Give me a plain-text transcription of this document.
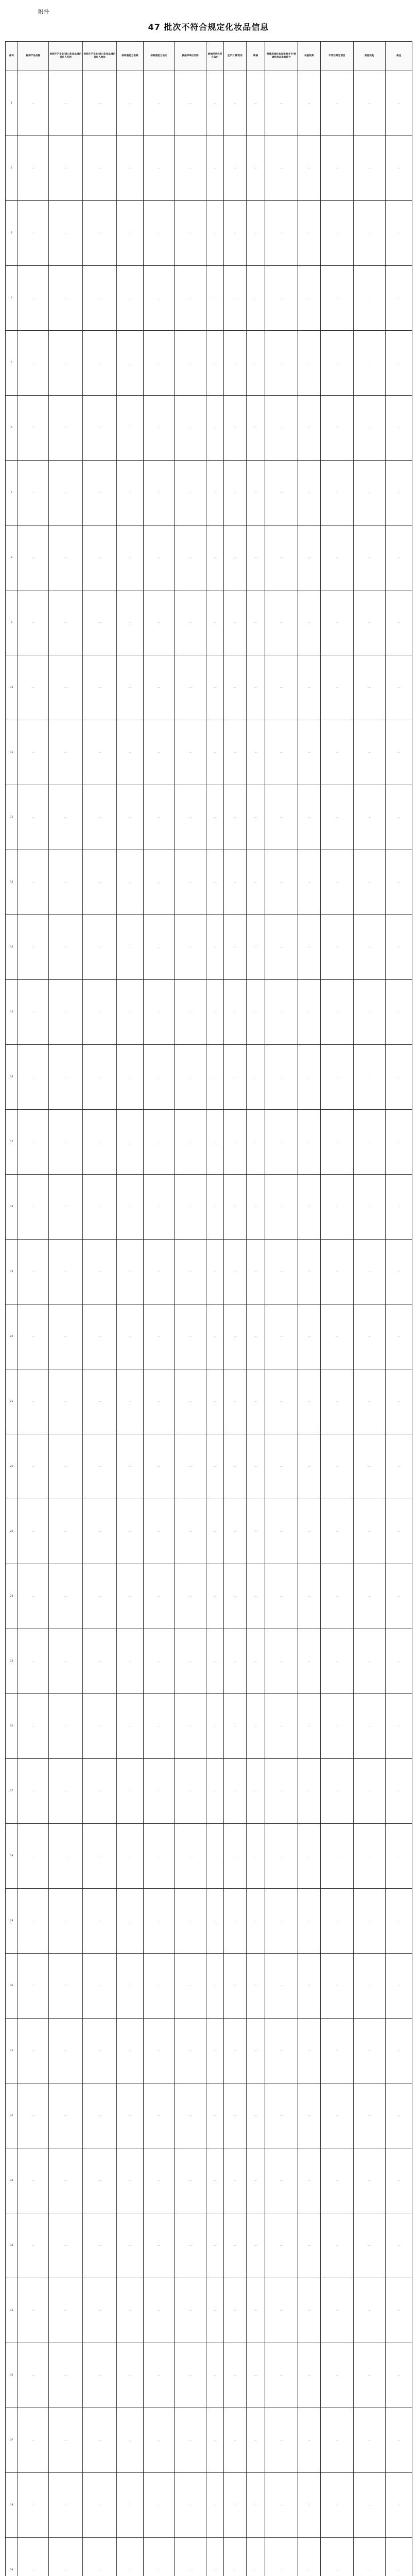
附件
47 批次不符合规定化妆品信息
序号	标称产品名称	标称生产企业/进口化妆品境内责任人名称	标称生产企业/进口化妆品境内责任人地址	标称委托方名称	标称委托方地址	被抽样单位名称	被抽样单位所在省份	生产日期/批号	规格	特殊用途化妆品批准文号/普通化妆品备案编号	检验结果	不符合规定项目	检验机构	备注
1	…	…	…	…	…	…	…	…	…	…	…	…	…	…
2	…	…	…	…	…	…	…	…	…	…	…	…	…	…
3	…	…	…	…	…	…	…	…	…	…	…	…	…	…
4	…	…	…	…	…	…	…	…	…	…	…	…	…	…
5	…	…	…	…	…	…	…	…	…	…	…	…	…	…
6	…	…	…	…	…	…	…	…	…	…	…	…	…	…
7	…	…	…	…	…	…	…	…	…	…	…	…	…	…
8	…	…	…	…	…	…	…	…	…	…	…	…	…	…
9	…	…	…	…	…	…	…	…	…	…	…	…	…	…
10	…	…	…	…	…	…	…	…	…	…	…	…	…	…
11	…	…	…	…	…	…	…	…	…	…	…	…	…	…
12	…	…	…	…	…	…	…	…	…	…	…	…	…	…
13	…	…	…	…	…	…	…	…	…	…	…	…	…	…
14	…	…	…	…	…	…	…	…	…	…	…	…	…	…
15	…	…	…	…	…	…	…	…	…	…	…	…	…	…
16	…	…	…	…	…	…	…	…	…	…	…	…	…	…
17	…	…	…	…	…	…	…	…	…	…	…	…	…	…
18	…	…	…	…	…	…	…	…	…	…	…	…	…	…
19	…	…	…	…	…	…	…	…	…	…	…	…	…	…
20	…	…	…	…	…	…	…	…	…	…	…	…	…	…
21	…	…	…	…	…	…	…	…	…	…	…	…	…	…
22	…	…	…	…	…	…	…	…	…	…	…	…	…	…
23	…	…	…	…	…	…	…	…	…	…	…	…	…	…
24	…	…	…	…	…	…	…	…	…	…	…	…	…	…
25	…	…	…	…	…	…	…	…	…	…	…	…	…	…
26	…	…	…	…	…	…	…	…	…	…	…	…	…	…
27	…	…	…	…	…	…	…	…	…	…	…	…	…	…
28	…	…	…	…	…	…	…	…	…	…	…	…	…	…
29	…	…	…	…	…	…	…	…	…	…	…	…	…	…
30	…	…	…	…	…	…	…	…	…	…	…	…	…	…
31	…	…	…	…	…	…	…	…	…	…	…	…	…	…
32	…	…	…	…	…	…	…	…	…	…	…	…	…	…
33	…	…	…	…	…	…	…	…	…	…	…	…	…	…
34	…	…	…	…	…	…	…	…	…	…	…	…	…	…
35	…	…	…	…	…	…	…	…	…	…	…	…	…	…
36	…	…	…	…	…	…	…	…	…	…	…	…	…	…
37	…	…	…	…	…	…	…	…	…	…	…	…	…	…
38	…	…	…	…	…	…	…	…	…	…	…	…	…	…
39	…	…	…	…	…	…	…	…	…	…	…	…	…	…
